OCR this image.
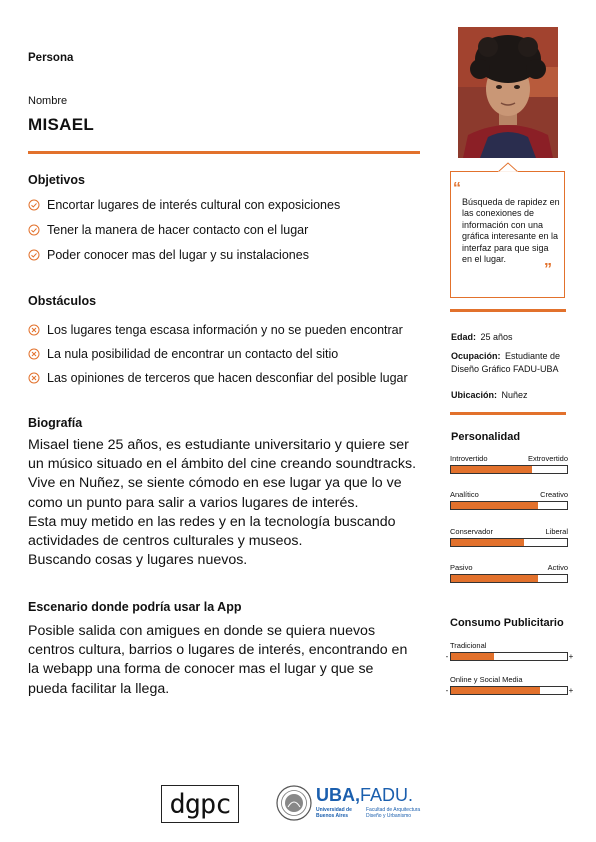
Persona
Nombre
MISAEL
“
Búsqueda de rapidez en las conexiones de información con una gráfica interesante en la interfaz para que siga en el lugar.
”
Edad: 25 años
Ocupación: Estudiante de Diseño Gráfico FADU-UBA
Ubicación: Nuñez
Personalidad
Introvertido	Extrovertido
Analítico	Creativo
Conservador	Liberal
Pasivo	Activo
Consumo Publicitario
Tradicional
-	+
Online y Social Media
-	+
Objetivos
Encortar lugares de interés cultural con exposiciones
Tener la manera de hacer contacto con el lugar
Poder conocer mas del lugar y su instalaciones
Obstáculos
Los lugares tenga escasa información y no se pueden encontrar
La nula posibilidad de encontrar un contacto del sitio
Las opiniones de terceros que hacen desconfiar del posible lugar
Biografía
Misael tiene 25 años, es estudiante universitario y quiere ser
un músico situado en el ámbito del cine creando soundtracks.
Vive en Nuñez, se siente cómodo en ese lugar ya que lo ve
como un punto para salir a varios lugares de interés.
Esta muy metido en las redes y en la tecnología buscando
actividades de centros culturales y museos.
Buscando cosas y lugares nuevos.
Escenario donde podría usar la App
Posible salida con amigues en donde se quiera nuevos
centros cultura, barrios o lugares de interés, encontrando en
la webapp una forma de conocer mas el lugar y que se
pueda facilitar la llega.
dgpc	UBA,FADU.
Universidad de Buenos Aires
Facultad de Arquitectura Diseño y Urbanismo
